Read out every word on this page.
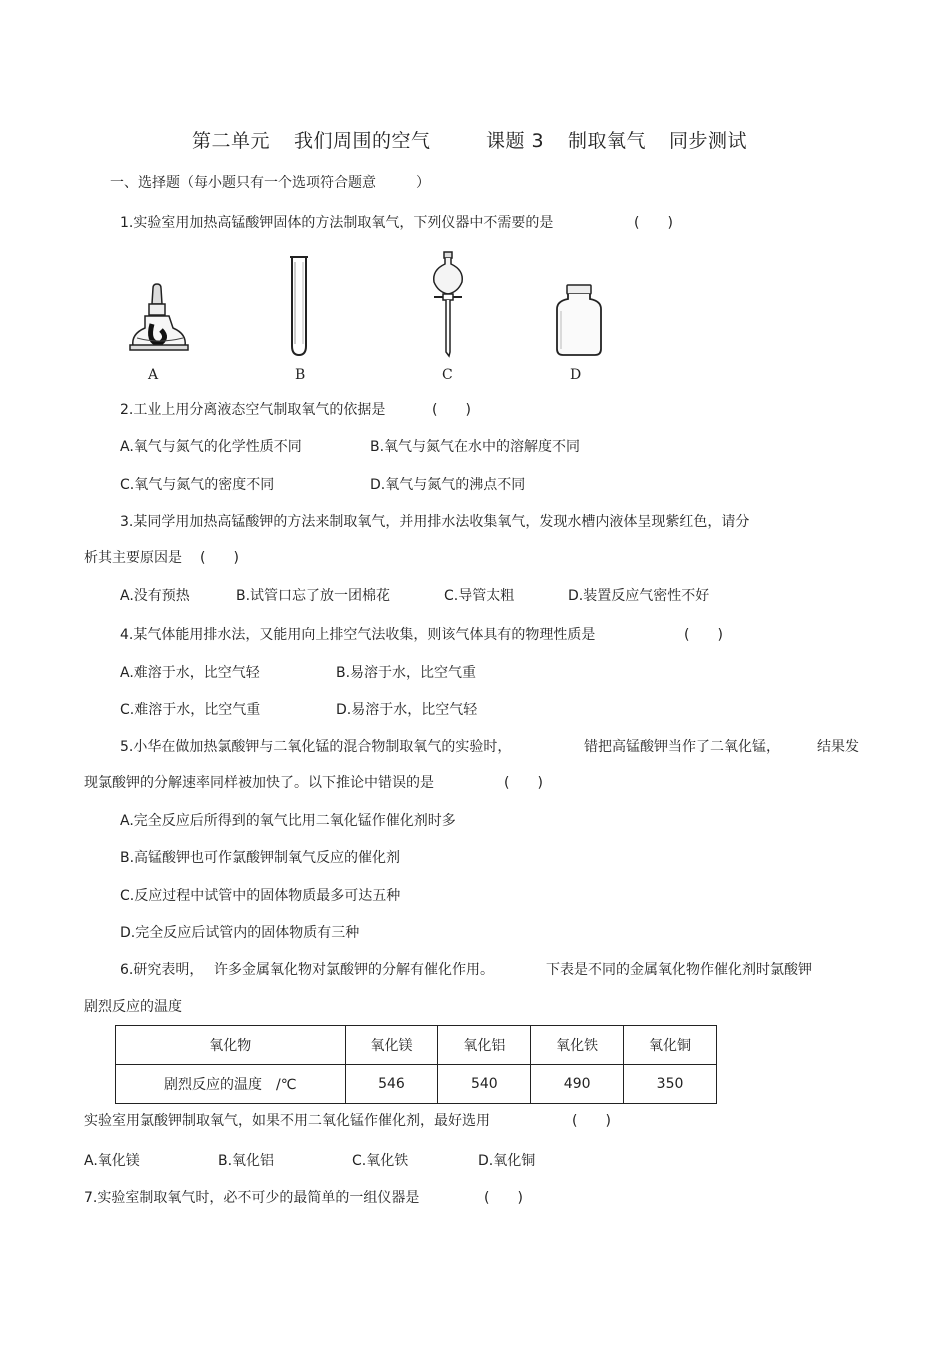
第二单元 我们周围的空气	课题 3 制取氧气 同步测试
一、选择题（每小题只有一个选项符合题意	）
1.实验室用加热高锰酸钾固体的方法制取氧气，下列仪器中不需要的是	(　　)
A	B	C	D
2.工业上用分离液态空气制取氧气的依据是	(　　)
A.氧气与氮气的化学性质不同	B.氧气与氮气在水中的溶解度不同
C.氧气与氮气的密度不同	D.氧气与氮气的沸点不同
3.某同学用加热高锰酸钾的方法来制取氧气，并用排水法收集氧气，发现水槽内液体呈现紫红色，请分
析其主要原因是 (　　)
A.没有预热	B.试管口忘了放一团棉花	C.导管太粗	D.装置反应气密性不好
4.某气体能用排水法，又能用向上排空气法收集，则该气体具有的物理性质是	(　　)
A.难溶于水，比空气轻	B.易溶于水，比空气重
C.难溶于水，比空气重	D.易溶于水，比空气轻
5.小华在做加热氯酸钾与二氧化锰的混合物制取氧气的实验时，	错把高锰酸钾当作了二氧化锰，	结果发
现氯酸钾的分解速率同样被加快了。以下推论中错误的是	(　　)
A.完全反应后所得到的氧气比用二氧化锰作催化剂时多
B.高锰酸钾也可作氯酸钾制氧气反应的催化剂
C.反应过程中试管中的固体物质最多可达五种
D.完全反应后试管内的固体物质有三种
6.研究表明， 许多金属氧化物对氯酸钾的分解有催化作用。	下表是不同的金属氧化物作催化剂时氯酸钾
剧烈反应的温度
氧化物	氧化镁	氧化铝	氧化铁	氧化铜
剧烈反应的温度　/℃	546	540	490	350
实验室用氯酸钾制取氧气，如果不用二氧化锰作催化剂，最好选用	(　　)
A.氧化镁	B.氧化铝	C.氧化铁	D.氧化铜
7.实验室制取氧气时，必不可少的最简单的一组仪器是	(　　)
